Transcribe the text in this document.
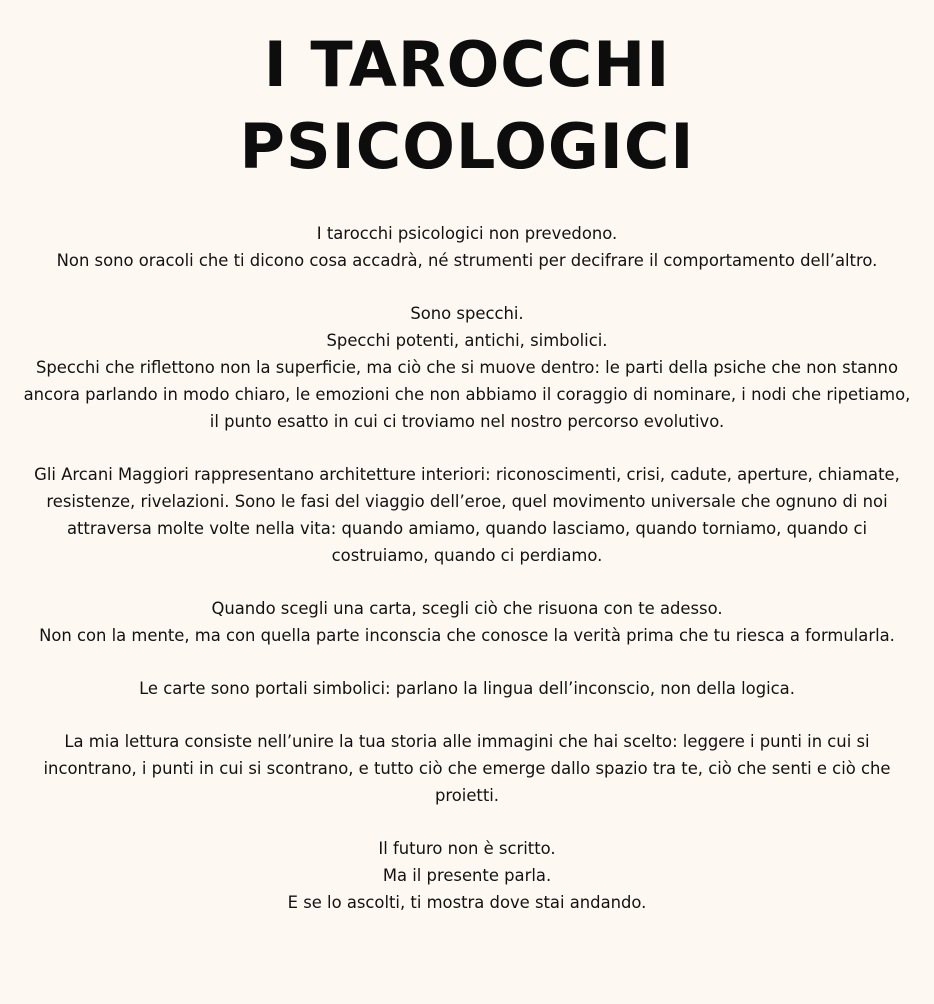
I TAROCCHI
PSICOLOGICI

I tarocchi psicologici non prevedono.
Non sono oracoli che ti dicono cosa accadrà, né strumenti per decifrare il comportamento dell’altro.

Sono specchi.
Specchi potenti, antichi, simbolici.
Specchi che riflettono non la superficie, ma ciò che si muove dentro: le parti della psiche che non stanno ancora parlando in modo chiaro, le emozioni che non abbiamo il coraggio di nominare, i nodi che ripetiamo, il punto esatto in cui ci troviamo nel nostro percorso evolutivo.

Gli Arcani Maggiori rappresentano architetture interiori: riconoscimenti, crisi, cadute, aperture, chiamate, resistenze, rivelazioni. Sono le fasi del viaggio dell’eroe, quel movimento universale che ognuno di noi attraversa molte volte nella vita: quando amiamo, quando lasciamo, quando torniamo, quando ci costruiamo, quando ci perdiamo.

Quando scegli una carta, scegli ciò che risuona con te adesso.
Non con la mente, ma con quella parte inconscia che conosce la verità prima che tu riesca a formularla.

Le carte sono portali simbolici: parlano la lingua dell’inconscio, non della logica.

La mia lettura consiste nell’unire la tua storia alle immagini che hai scelto: leggere i punti in cui si incontrano, i punti in cui si scontrano, e tutto ciò che emerge dallo spazio tra te, ciò che senti e ciò che proietti.

Il futuro non è scritto.
Ma il presente parla.
E se lo ascolti, ti mostra dove stai andando.
